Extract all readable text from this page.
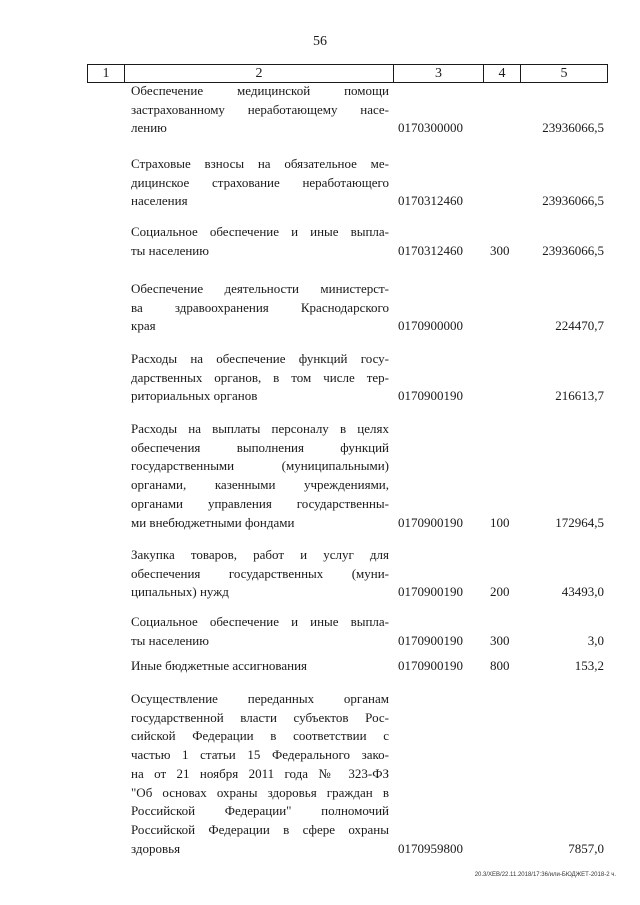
56
1	2	3	4	5
Обеспечение медицинской помощи
застрахованному неработающему насе-
лению	0170300000	23936066,5
Страховые взносы на обязательное ме-
дицинское страхование неработающего
населения	0170312460	23936066,5
Социальное обеспечение и иные выпла-
ты населению	0170312460 300	23936066,5
Обеспечение деятельности министерст-
ва здравоохранения Краснодарского
края	0170900000	224470,7
Расходы на обеспечение функций госу-
дарственных органов, в том числе тер-
риториальных органов	0170900190	216613,7
Расходы на выплаты персоналу в целях
обеспечения выполнения функций
государственными (муниципальными)
органами, казенными учреждениями,
органами управления государственны-
ми внебюджетными фондами	0170900190 100	172964,5
Закупка товаров, работ и услуг для
обеспечения государственных (муни-
ципальных) нужд	0170900190 200	43493,0
Социальное обеспечение и иные выпла-
ты населению	0170900190 300	3,0
Иные бюджетные ассигнования	0170900190 800	153,2
Осуществление переданных органам
государственной власти субъектов Рос-
сийской Федерации в соответствии с
частью 1 статьи 15 Федерального зако-
на от 21 ноября 2011 года № 323-ФЗ
"Об основах охраны здоровья граждан в
Российской Федерации" полномочий
Российской Федерации в сфере охраны
здоровья	0170959800	7857,0
20.3/ХЕВ/22.11.2018/17:36/или-БЮДЖЕТ-2018-2 ч.
